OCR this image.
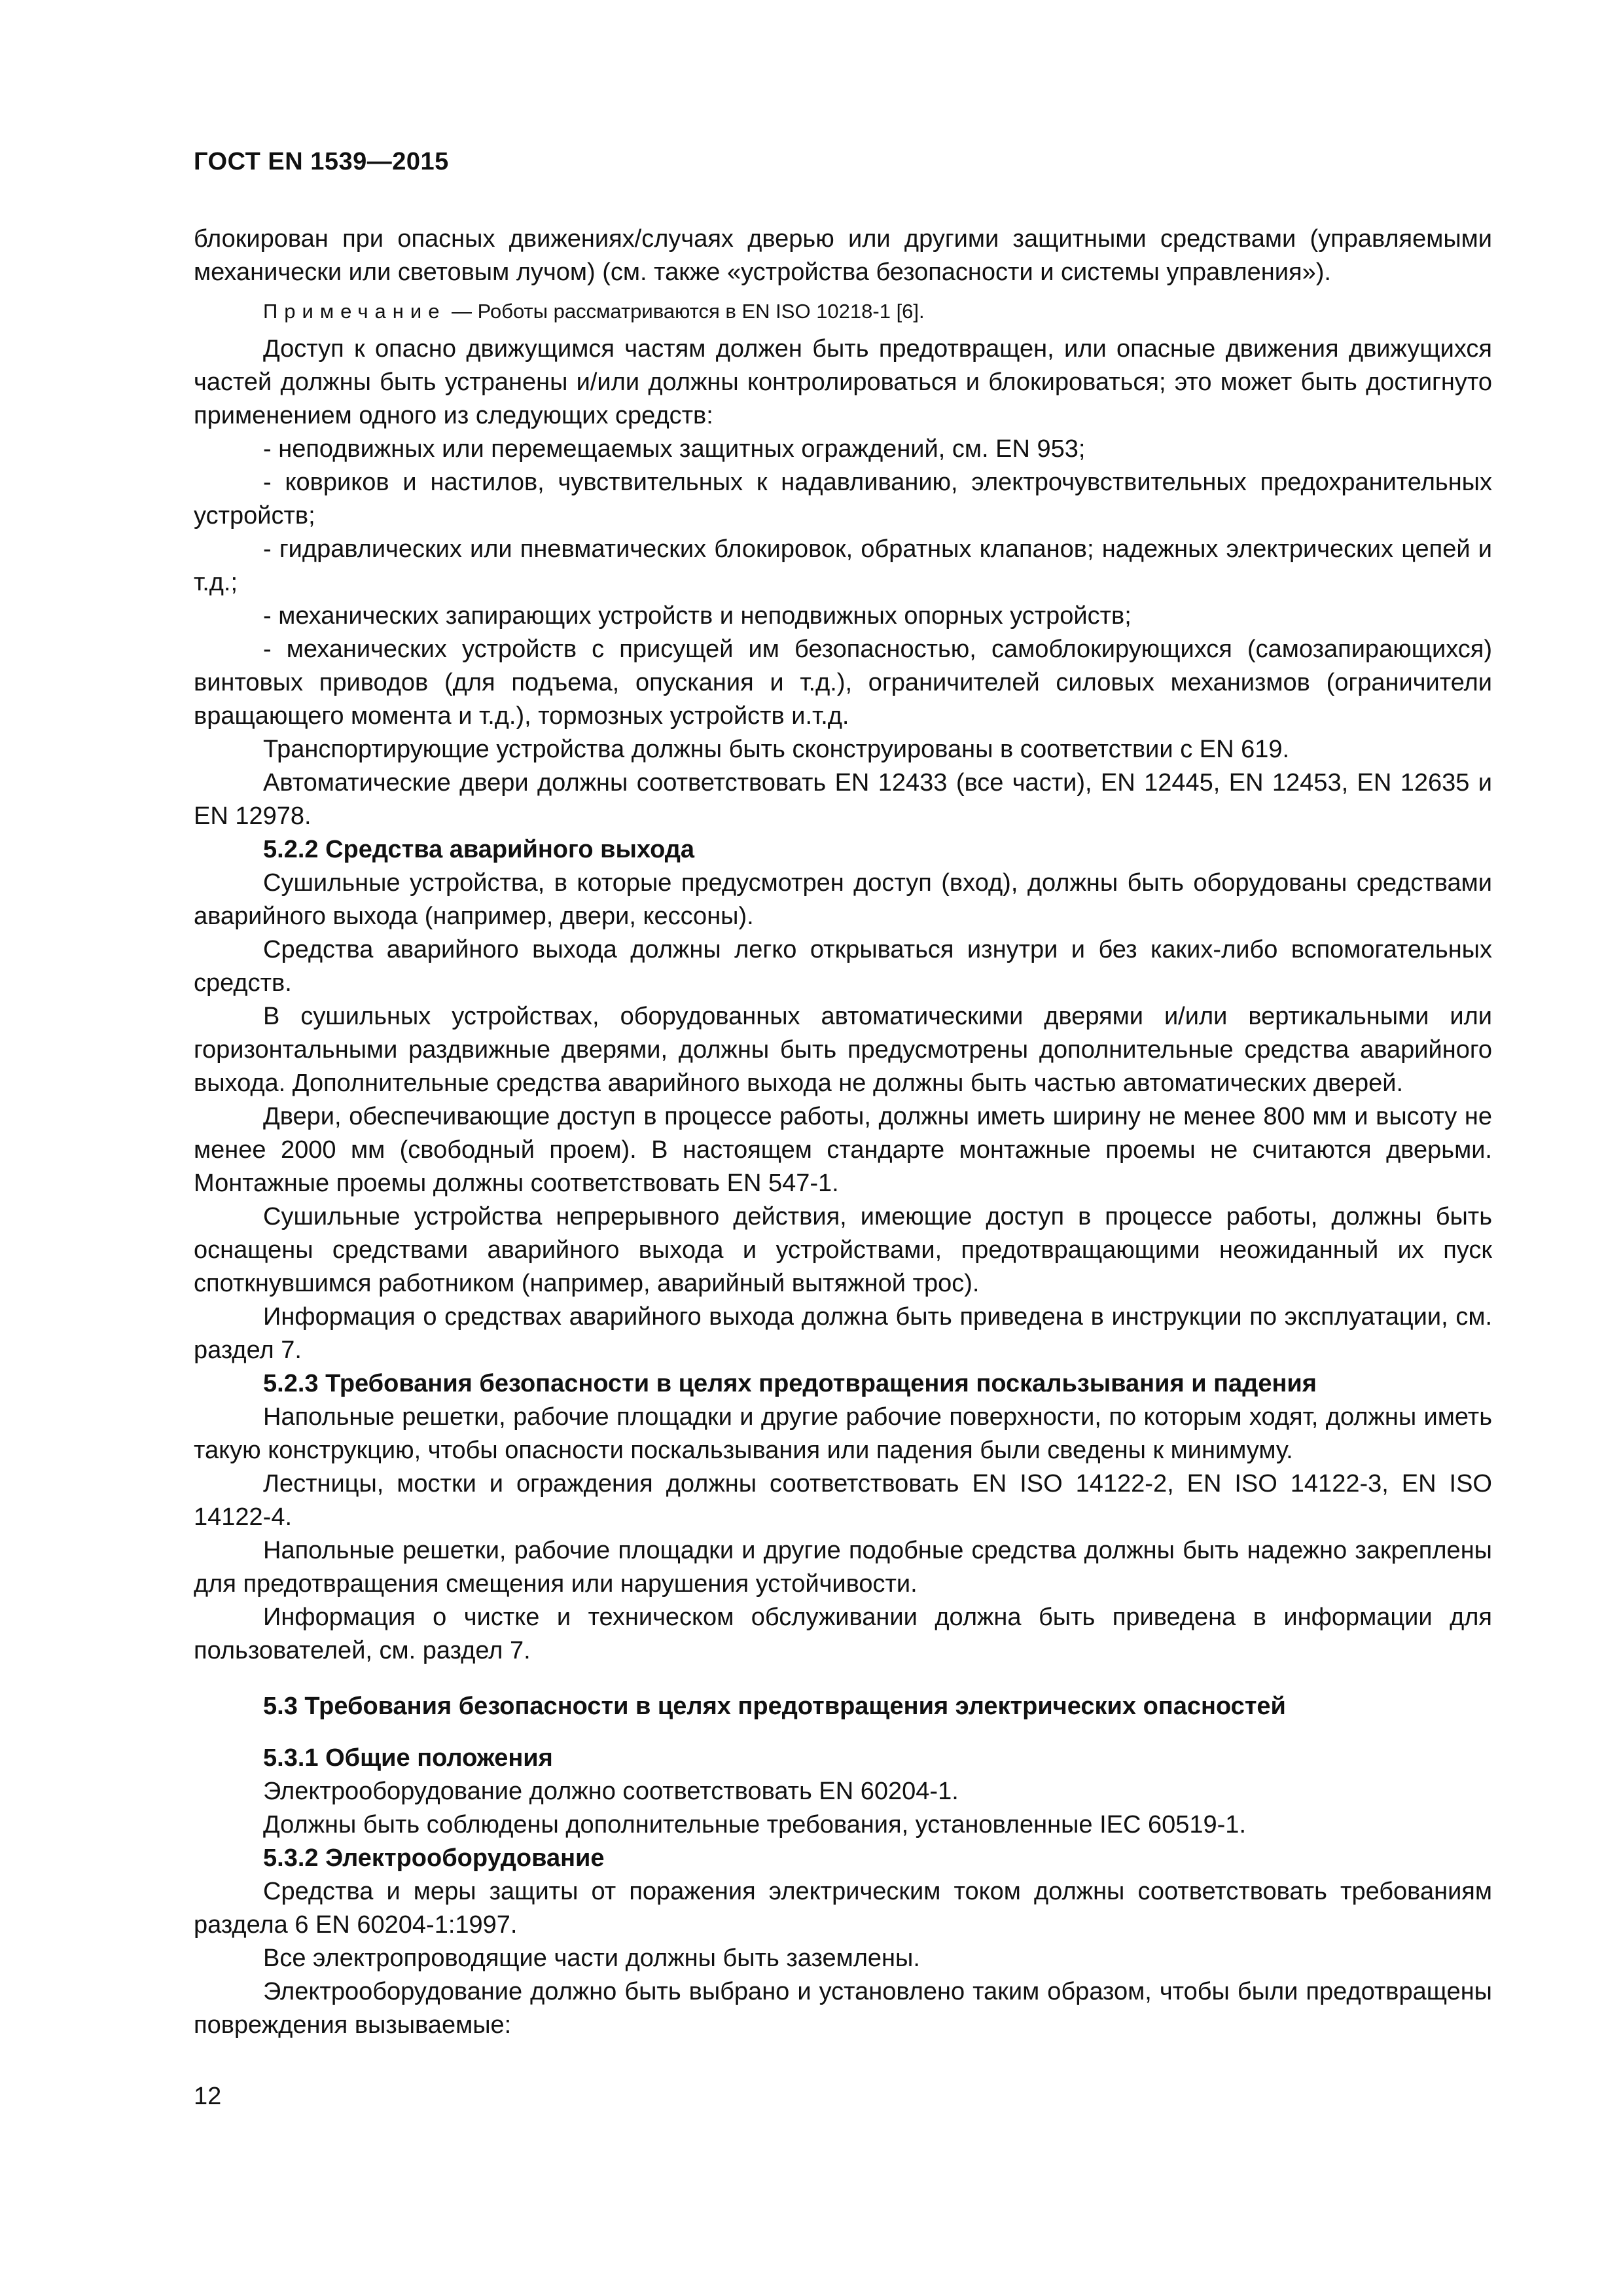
ГОСТ EN 1539—2015

блокирован при опасных движениях/случаях дверью или другими защитными средствами (управляемыми механически или световым лучом) (см. также «устройства безопасности и системы управления»).

Примечание — Роботы рассматриваются в EN ISO 10218-1 [6].

Доступ к опасно движущимся частям должен быть предотвращен, или опасные движения движущихся частей должны быть устранены и/или должны контролироваться и блокироваться; это может быть достигнуто применением одного из следующих средств:

- неподвижных или перемещаемых защитных ограждений, см. EN 953;

- ковриков и настилов, чувствительных к надавливанию, электрочувствительных предохранительных устройств;

- гидравлических или пневматических блокировок, обратных клапанов; надежных электрических цепей и т.д.;

- механических запирающих устройств и неподвижных опорных устройств;

- механических устройств с присущей им безопасностью, самоблокирующихся (самозапирающихся) винтовых приводов (для подъема, опускания и т.д.), ограничителей силовых механизмов (ограничители вращающего момента и т.д.), тормозных устройств и.т.д.

Транспортирующие устройства должны быть сконструированы в соответствии с EN 619.

Автоматические двери должны соответствовать EN 12433 (все части), EN 12445, EN 12453, EN 12635 и EN 12978.

5.2.2 Средства аварийного выхода

Сушильные устройства, в которые предусмотрен доступ (вход), должны быть оборудованы средствами аварийного выхода (например, двери, кессоны).

Средства аварийного выхода должны легко открываться изнутри и без каких-либо вспомогательных средств.

В сушильных устройствах, оборудованных автоматическими дверями и/или вертикальными или горизонтальными раздвижные дверями, должны быть предусмотрены дополнительные средства аварийного выхода. Дополнительные средства аварийного выхода не должны быть частью автоматических дверей.

Двери, обеспечивающие доступ в процессе работы, должны иметь ширину не менее 800 мм и высоту не менее 2000 мм (свободный проем). В настоящем стандарте монтажные проемы не считаются дверьми. Монтажные проемы должны соответствовать EN 547-1.

Сушильные устройства непрерывного действия, имеющие доступ в процессе работы, должны быть оснащены средствами аварийного выхода и устройствами, предотвращающими неожиданный их пуск споткнувшимся работником (например, аварийный вытяжной трос).

Информация о средствах аварийного выхода должна быть приведена в инструкции по эксплуатации, см. раздел 7.

5.2.3 Требования безопасности в целях предотвращения поскальзывания и падения

Напольные решетки, рабочие площадки и другие рабочие поверхности, по которым ходят, должны иметь такую конструкцию, чтобы опасности поскальзывания или падения были сведены к минимуму.

Лестницы, мостки и ограждения должны соответствовать EN ISO 14122-2, EN ISO 14122-3, EN ISO 14122-4.

Напольные решетки, рабочие площадки и другие подобные средства должны быть надежно закреплены для предотвращения смещения или нарушения устойчивости.

Информация о чистке и техническом обслуживании должна быть приведена в информации для пользователей, см. раздел 7.

5.3 Требования безопасности в целях предотвращения электрических опасностей

5.3.1 Общие положения

Электрооборудование должно соответствовать EN 60204-1.

Должны быть соблюдены дополнительные требования, установленные IEC 60519-1.

5.3.2 Электрооборудование

Средства и меры защиты от поражения электрическим током должны соответствовать требованиям раздела 6 EN 60204-1:1997.

Все электропроводящие части должны быть заземлены.

Электрооборудование должно быть выбрано и установлено таким образом, чтобы были предотвращены повреждения вызываемые:

12
